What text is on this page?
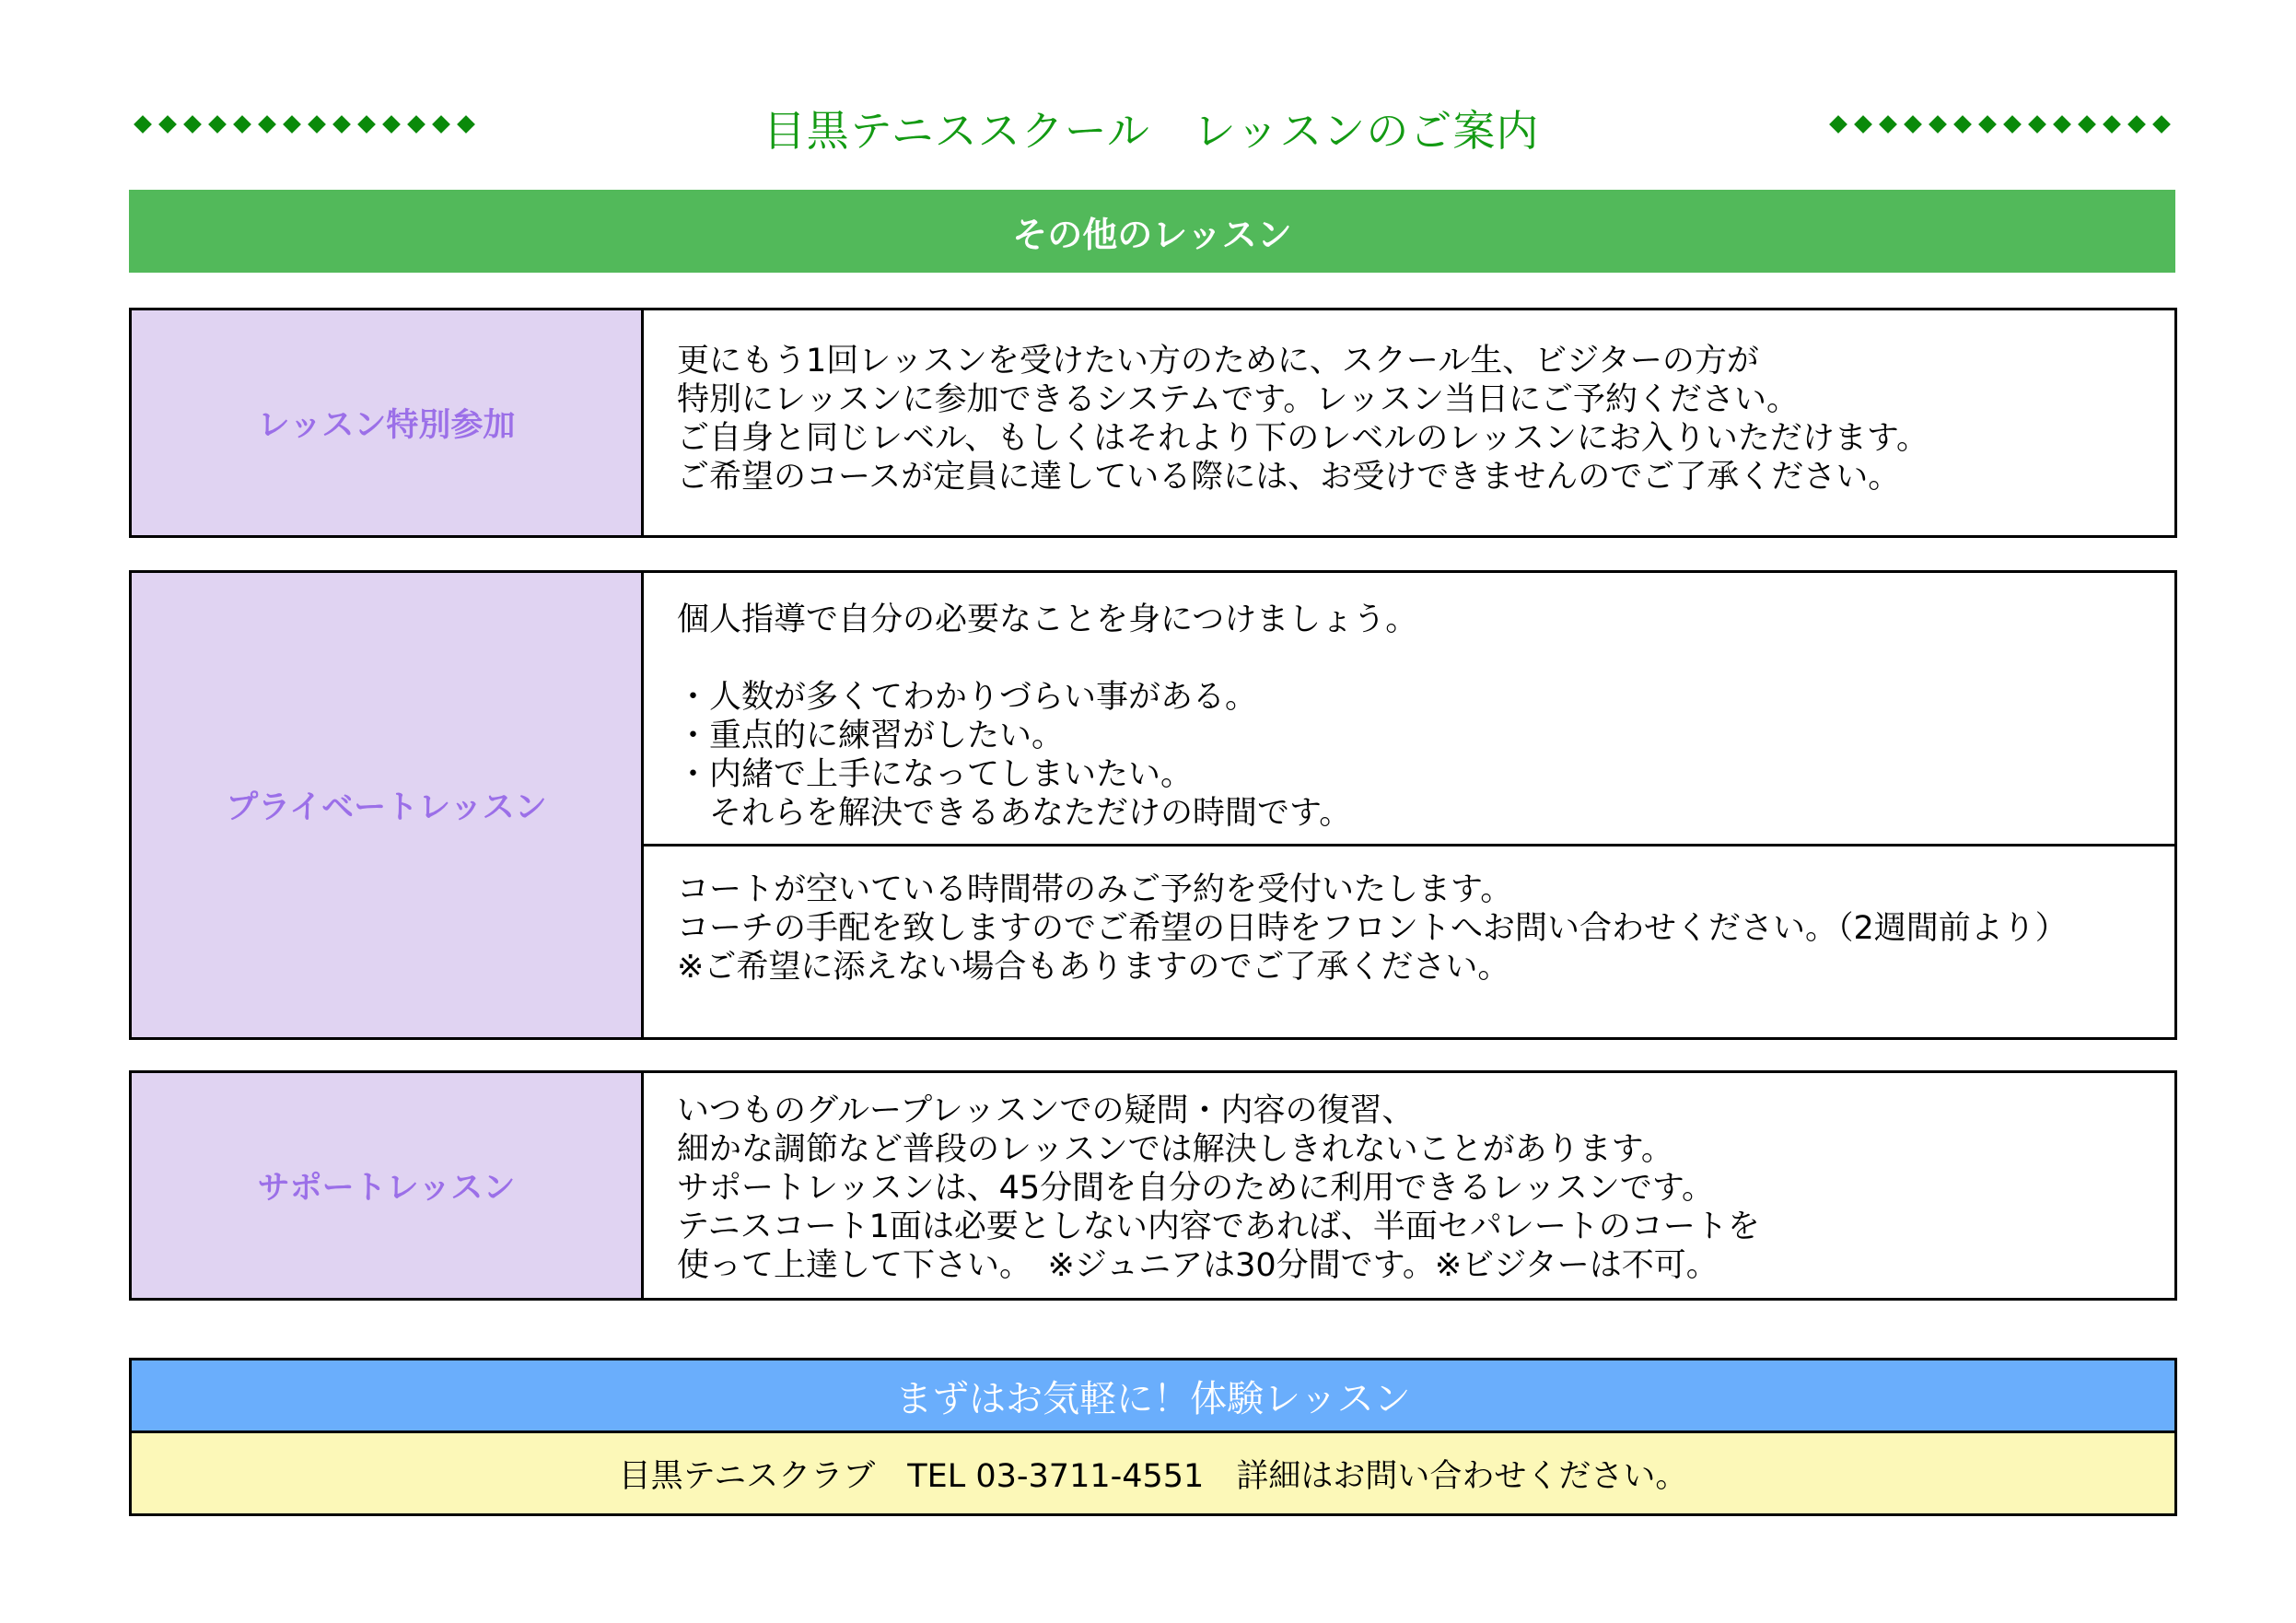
目黒テニススクール　レッスンのご案内
その他のレッスン
レッスン特別参加
更にもう1回レッスンを受けたい方のために、スクール生、ビジターの方が
特別にレッスンに参加できるシステムです。レッスン当日にご予約ください。
ご自身と同じレベル、もしくはそれより下のレベルのレッスンにお入りいただけます。
ご希望のコースが定員に達している際には、お受けできませんのでご了承ください。
プライベートレッスン
個人指導で自分の必要なことを身につけましょう。
・人数が多くてわかりづらい事がある。
・重点的に練習がしたい。
・内緒で上手になってしまいたい。
　それらを解決できるあなただけの時間です。
コートが空いている時間帯のみご予約を受付いたします。
コーチの手配を致しますのでご希望の日時をフロントへお問い合わせください。（2週間前より）
※ご希望に添えない場合もありますのでご了承ください。
サポートレッスン
いつものグループレッスンでの疑問・内容の復習、
細かな調節など普段のレッスンでは解決しきれないことがあります。
サポートレッスンは、45分間を自分のために利用できるレッスンです。
テニスコート1面は必要としない内容であれば、半面セパレートのコートを
使って上達して下さい。　※ジュニアは30分間です。※ビジターは不可。
まずはお気軽に！体験レッスン
目黒テニスクラブ　TEL 03-3711-4551　詳細はお問い合わせください。
